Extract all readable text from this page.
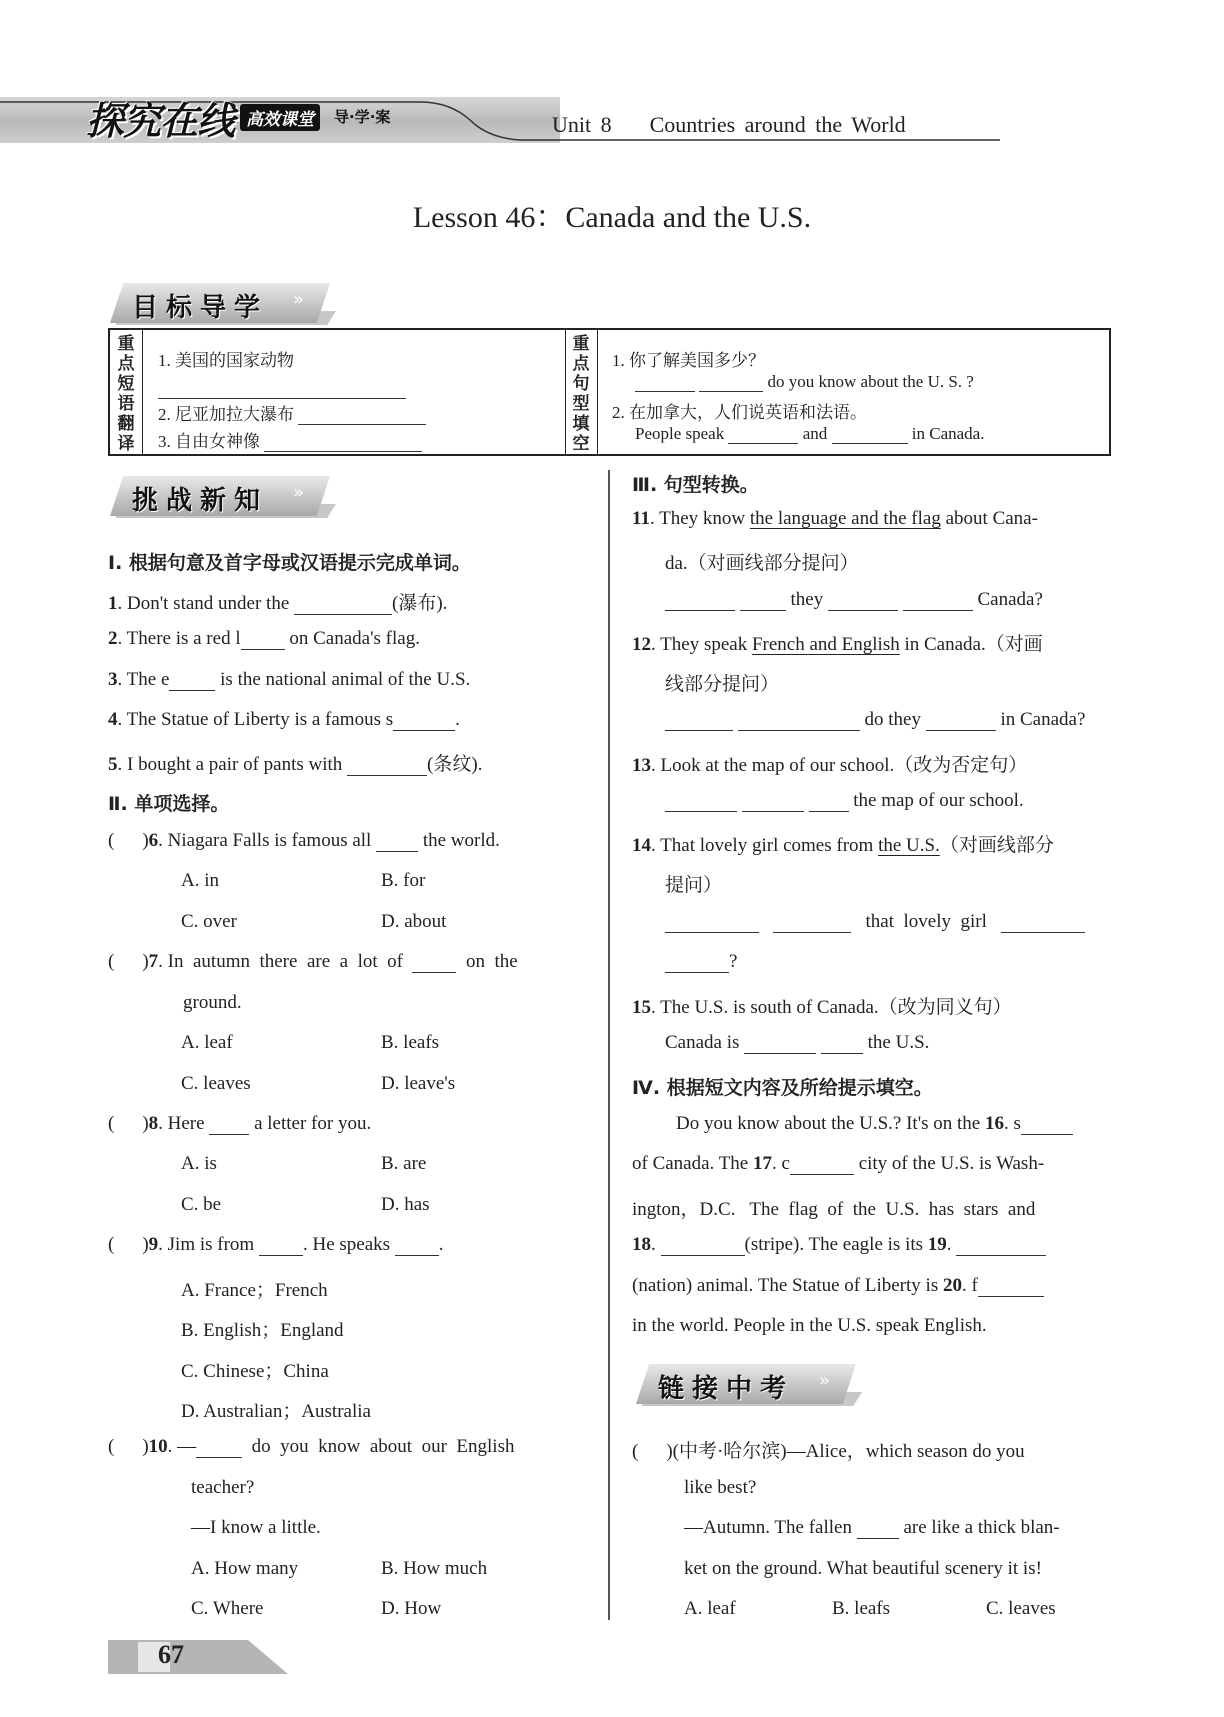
探究在线 高效课堂	导·学·案	Unit 8    Countries around the World
Lesson 46：Canada and the U.S.
目标导学 »
重点短语翻译
1. 美国的国家动物
2. 尼亚加拉大瀑布
3. 自由女神像
重点句型填空
1. 你了解美国多少？
do you know about the U. S. ?
2. 在加拿大，人们说英语和法语。
People speak	and	in Canada.
挑战新知 »
Ⅰ. 根据句意及首字母或汉语提示完成单词。
1. Don't stand under the	(瀑布).
2. There is a red l	on Canada's flag.
3. The e	is the national animal of the U.S.
4. The Statue of Liberty is a famous s	.
5. I bought a pair of pants with	(条纹).
Ⅱ. 单项选择。
( )6. Niagara Falls is famous all	the world.
A. in	B. for
C. over	D. about
( )7. In  autumn  there  are  a  lot  of	on  the
ground.
A. leaf	B. leafs
C. leaves	D. leave's
( )8. Here	a letter for you.
A. is	B. are
C. be	D. has
( )9. Jim is from	. He speaks	.
A. France；French
B. English；England
C. Chinese；China
D. Australian；Australia
( )10. —	do  you  know  about  our  English
teacher?
—I know a little.
A. How many	B. How much
C. Where	D. How
Ⅲ. 句型转换。
11. They know the language and the flag about Cana-
da.（对画线部分提问）
they	Canada?
12. They speak French and English in Canada.（对画
线部分提问）
do they	in Canada?
13. Look at the map of our school.（改为否定句）
the map of our school.
14. That lovely girl comes from the U.S.（对画线部分
提问）
that  lovely  girl
?
15. The U.S. is south of Canada.（改为同义句）
Canada is	the U.S.
Ⅳ. 根据短文内容及所给提示填空。
Do you know about the U.S.? It's on the 16. s
of Canada. The 17. c	city of the U.S. is Wash-
ington，D.C.   The  flag  of  the  U.S.  has  stars  and
18.	(stripe). The eagle is its 19.
(nation) animal. The Statue of Liberty is 20. f
in the world. People in the U.S. speak English.
链接中考 »
( )(中考·哈尔滨)—Alice，which season do you
like best?
—Autumn. The fallen	are like a thick blan-
ket on the ground. What beautiful scenery it is!
A. leaf	B. leafs	C. leaves
67
